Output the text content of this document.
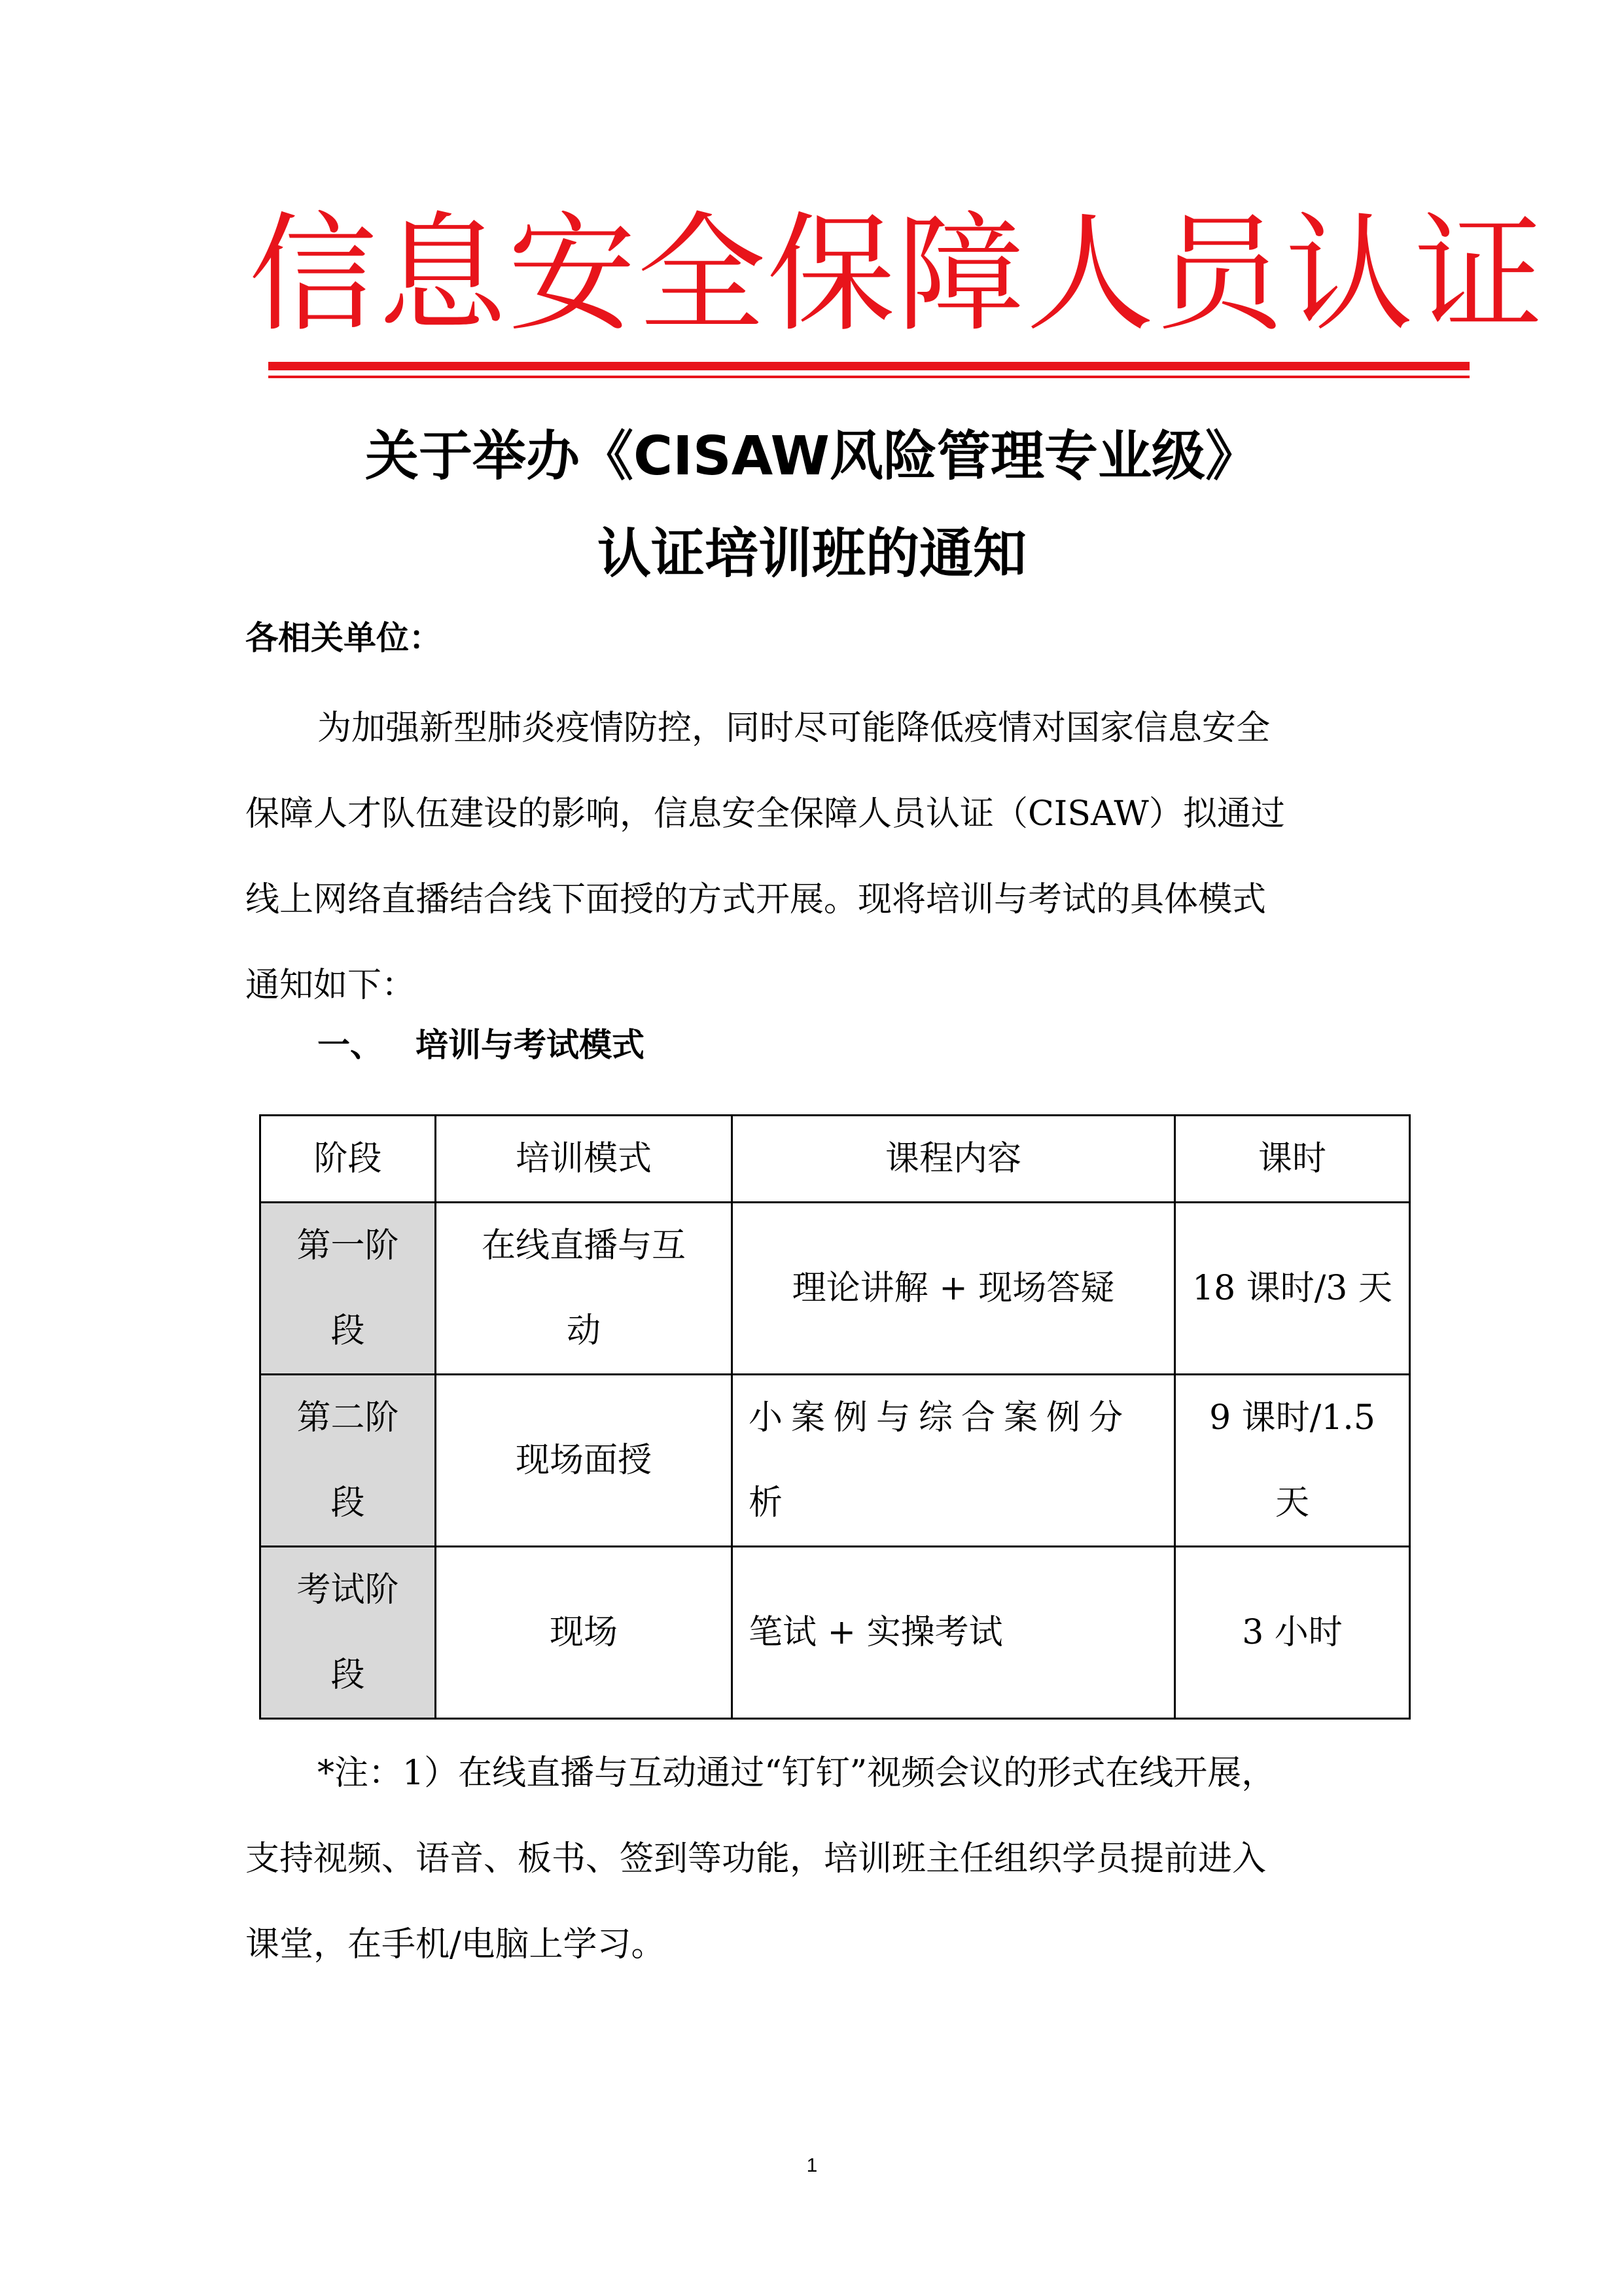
信息安全保障人员认证
关于举办《CISAW风险管理专业级》
认证培训班的通知
各相关单位：

为加强新型肺炎疫情防控，同时尽可能降低疫情对国家信息安全

保障人才队伍建设的影响，信息安全保障人员认证（CISAW）拟通过

线上网络直播结合线下面授的方式开展。现将培训与考试的具体模式

通知如下：

一、 培训与考试模式
阶段	培训模式	课程内容	课时

第一阶段	在线直播与互动	理论讲解 + 现场答疑	18 课时/3 天

第二阶段	现场面授	小案例与综合案例分析	9 课时/1.5 天

考试阶段	现场	笔试 + 实操考试	3 小时

*注：1）在线直播与互动通过“钉钉”视频会议的形式在线开展，

支持视频、语音、板书、签到等功能，培训班主任组织学员提前进入

课堂，在手机/电脑上学习。

1
